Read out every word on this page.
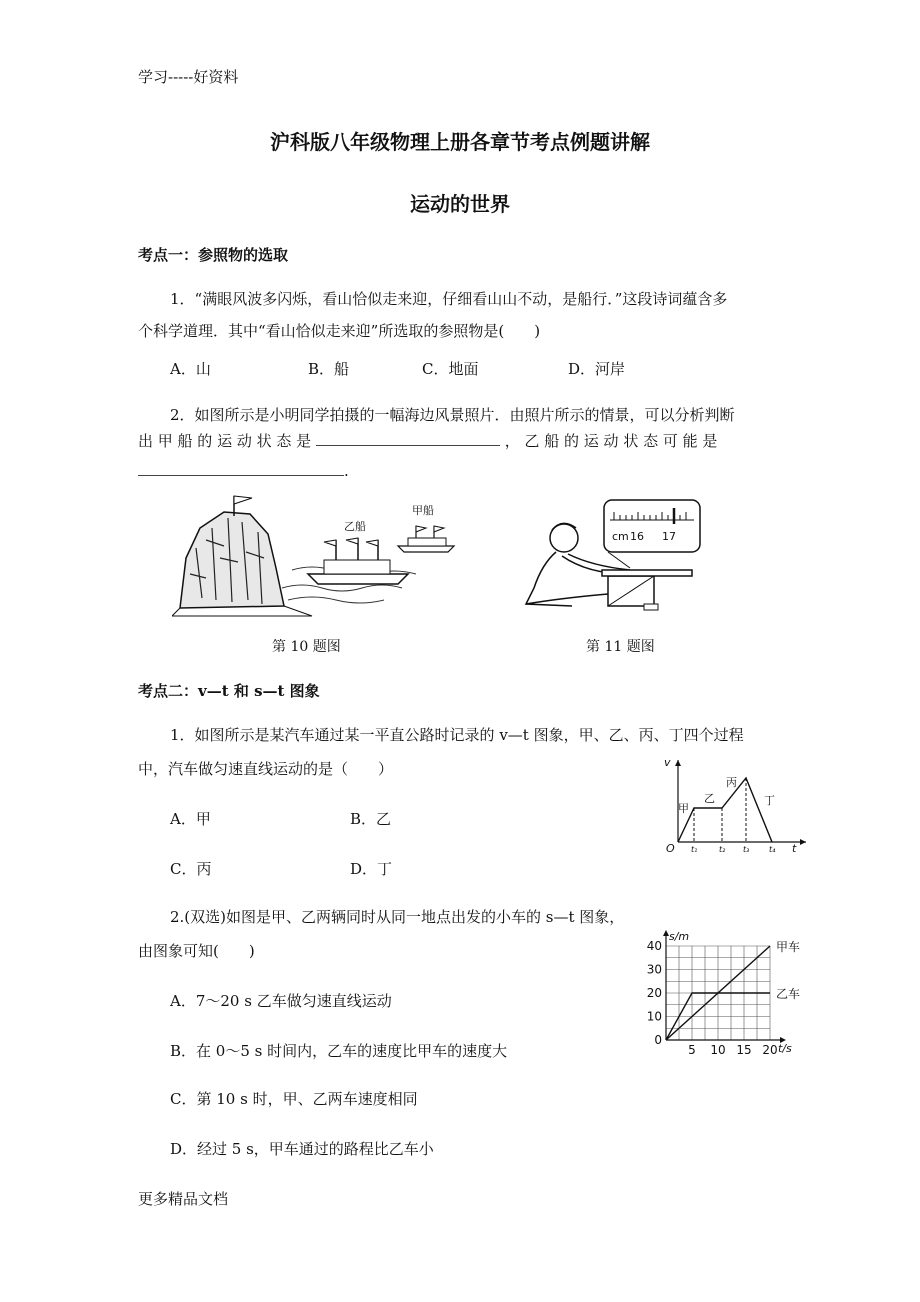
学习-----好资料
沪科版八年级物理上册各章节考点例题讲解
运动的世界
考点一：参照物的选取
1．“满眼风波多闪烁，看山恰似走来迎，仔细看山山不动，是船行．”这段诗词蕴含多
个科学道理．其中“看山恰似走来迎”所选取的参照物是(　　)
A．山	B．船	C．地面	D．河岸
2．如图所示是小明同学拍摄的一幅海边风景照片．由照片所示的情景，可以分析判断
出 甲 船 的 运 动 状 态 是	， 乙 船 的 运 动 状 态 可 能 是
.
乙船
甲船
第 10 题图
cm 16 17
第 11 题图
考点二：v—t 和 s—t 图象
1．如图所示是某汽车通过某一平直公路时记录的 v—t 图象，甲、乙、丙、丁四个过程
中，汽车做匀速直线运动的是（　　）
A．甲	B．乙
C．丙	D．丁
v
t
O t₁	t₂ t₃ t₄
甲
乙
丙
丁
2.(双选)如图是甲、乙两辆同时从同一地点出发的小车的 s—t 图象，
由图象可知(　　)
A．7～20 s 乙车做匀速直线运动
B．在 0～5 s 时间内，乙车的速度比甲车的速度大
C．第 10 s 时，甲、乙两车速度相同
D．经过 5 s，甲车通过的路程比乙车小
s/m
t/s
0
10
20
30
40
5 10 15 20
甲车
乙车
更多精品文档
